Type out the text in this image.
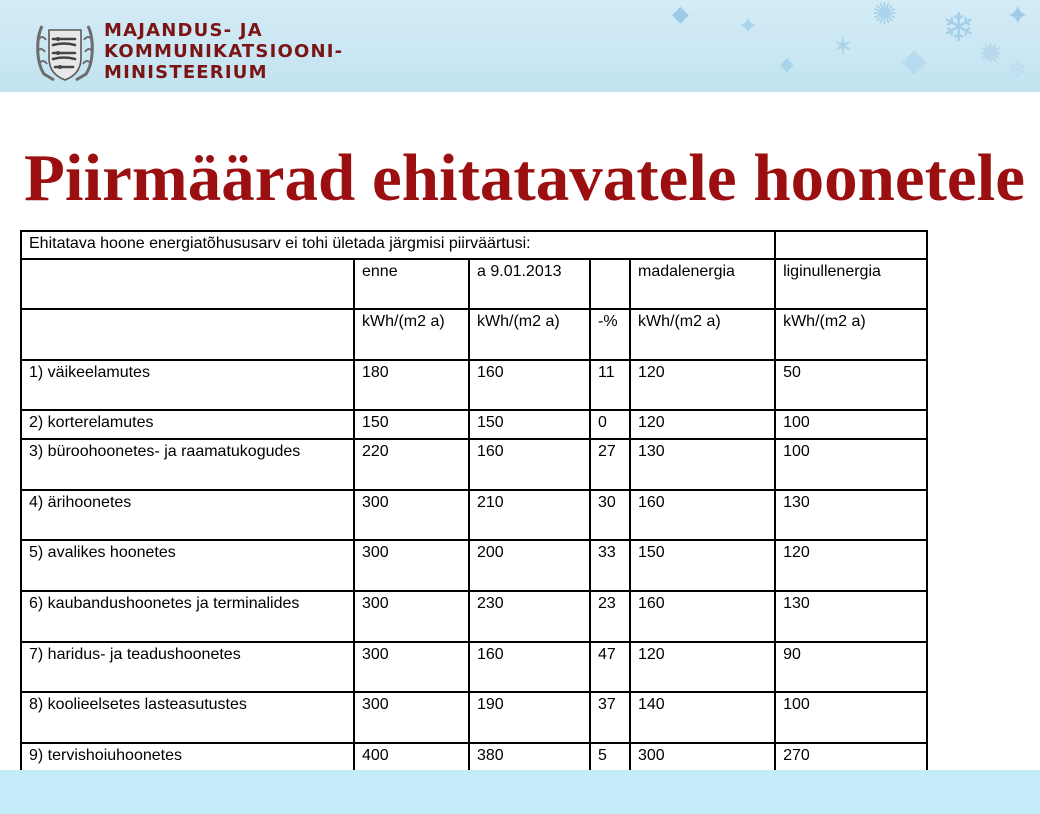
◆ ✦
◆
✶
✺
◆
❄
✹
✦
❄
MAJANDUS- JA
KOMMUNIKATSIOONI-
MINISTEERIUM
Piirmäärad ehitatavatele hoonetele
Ehitatava hoone energiatõhususarv ei tohi ületada järgmisi piirväärtusi:					
	enne	a 9.01.2013		madalenergia	liginullenergia
	kWh/(m2 a)	kWh/(m2 a)	-%	kWh/(m2 a)	kWh/(m2 a)
1) väikeelamutes	180	160	11	120	50
2) korterelamutes	150	150	0	120	100
3) büroohoonetes- ja raamatukogudes	220	160	27	130	100
4) ärihoonetes	300	210	30	160	130
5) avalikes hoonetes	300	200	33	150	120
6) kaubandushoonetes ja terminalides	300	230	23	160	130
7) haridus- ja teadushoonetes	300	160	47	120	90
8) koolieelsetes lasteasutustes	300	190	37	140	100
9) tervishoiuhoonetes	400	380	5	300	270
